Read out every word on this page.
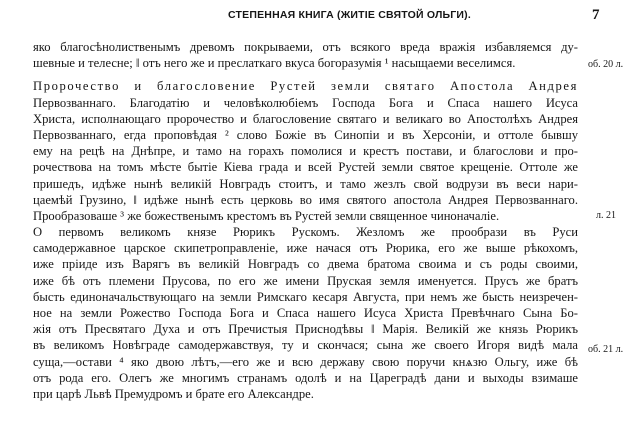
СТЕПЕННАЯ КНИГА (ЖИТІЕ СВЯТОЙ ОЛЬГИ).	7
яко благосѣнолиственымъ древомъ покрываеми, отъ всякого вреда вражія избавляемся ду-
шевные и телесне; ‖ отъ него же и преслаткаго вкуса богоразумія ¹ насыщаеми веселимся.
Пророчество и благословение Рустей земли святаго Апостола Андрея
Первозваннаго. Благодатію и человѣколюбіемъ Господа Бога и Спаса нашего Исуса
Христа, исполнающаго пророчество и благословение святаго и великаго во Апостолѣхъ Андрея
Первозваннаго, егда проповѣдая ² слово Божіе въ Синопіи и въ Херсоніи, и оттоле бывшу
ему на рецѣ на Днѣпре, и тамо на горахъ помолися и крестъ постави, и благослови и про-
рочествова на томъ мѣсте бытіе Кіева града и всей Рустей земли святое крещеніе. Оттоле же
пришедъ, идѣже нынѣ великій Новградъ стоитъ, и тамо жезлъ свой водрузи въ веси нари-
цаемѣй Грузино, ‖ идѣже нынѣ есть церковь во имя святого апостола Андрея Первозваннаго.
Прообразоваше ³ же божественымъ крестомъ въ Рустей земли священное чиноначаліе.
О первомъ великомъ князе Рюрикъ Рускомъ. Жезломъ же прообрази въ Руси
самодержавное царское скипетроправленіе, иже начася отъ Рюрика, его же выше рѣкохомъ,
иже пріиде изъ Варягъ въ великій Новградъ со двема братома своима и съ роды своими,
иже бѣ отъ племени Прусова, по его же имени Пруская земля именуется. Прусъ же братъ
бысть единоначальствующаго на земли Римскаго кесаря Августа, при немъ же бысть неизречен-
ное на земли Рожество Господа Бога и Спаса нашего Исуса Христа Превѣчнаго Сына Бо-
жія отъ Пресвятаго Духа и отъ Пречистыя Приснодѣвы ‖ Марія. Великій же князь Рюрикъ
въ великомъ Новѣграде самодержавствуя, ту и скончася; сына же своего Игоря видѣ мала
суща,—остави ⁴ яко двою лѣтъ,—его же и всю державу свою поручи кнѧзю Ольгу, иже бѣ
отъ рода его. Олегъ же многимъ странамъ одолѣ и на Цареградѣ дани и выходы взимаше
при царѣ Львѣ Премудромъ и брате его Александре.
об. 20 л.
л. 21
об. 21 л.
